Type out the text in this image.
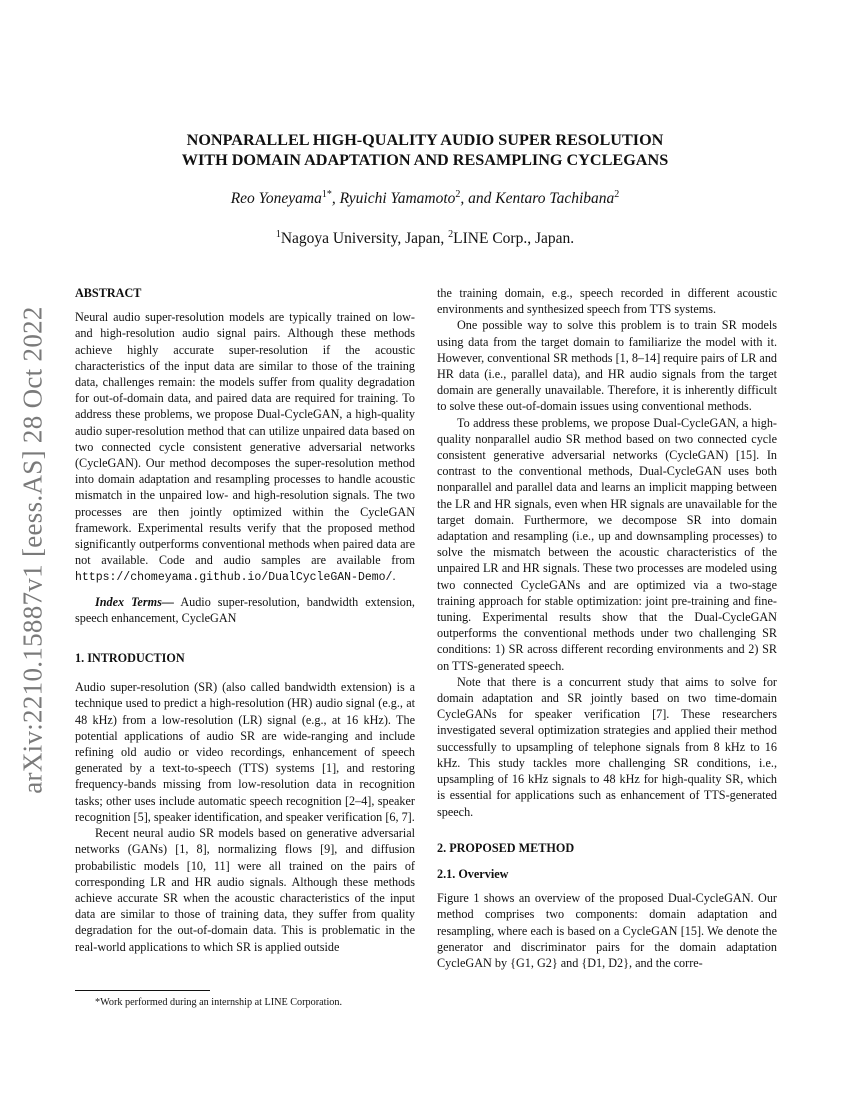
arXiv:2210.15887v1 [eess.AS] 28 Oct 2022
NONPARALLEL HIGH-QUALITY AUDIO SUPER RESOLUTION
WITH DOMAIN ADAPTATION AND RESAMPLING CYCLEGANS
Reo Yoneyama$^{1*}$, Ryuichi Yamamoto$^2$, and Kentaro Tachibana$^2$
$^1$Nagoya University, Japan, $^2$LINE Corp., Japan.

ABSTRACT

Neural audio super-resolution models are typically trained on low- and high-resolution audio signal pairs. Although these methods achieve highly accurate super-resolution if the acoustic characteristics of the input data are similar to those of the training data, challenges remain: the models suffer from quality degradation for out-of-domain data, and paired data are required for training. To address these problems, we propose Dual-CycleGAN, a high-quality audio super-resolution method that can utilize unpaired data based on two connected cycle consistent generative adversarial networks (CycleGAN). Our method decomposes the super-resolution method into domain adaptation and resampling processes to handle acoustic mismatch in the unpaired low- and high-resolution signals. The two processes are then jointly optimized within the CycleGAN framework. Experimental results verify that the proposed method significantly outperforms conventional methods when paired data are not available. Code and audio samples are available from https://chomeyama.github.io/DualCycleGAN-Demo/.

Index Terms— Audio super-resolution, bandwidth extension, speech enhancement, CycleGAN

1. INTRODUCTION

Audio super-resolution (SR) (also called bandwidth extension) is a technique used to predict a high-resolution (HR) audio signal (e.g., at 48 kHz) from a low-resolution (LR) signal (e.g., at 16 kHz). The potential applications of audio SR are wide-ranging and include refining old audio or video recordings, enhancement of speech generated by a text-to-speech (TTS) systems [1], and restoring frequency-bands missing from low-resolution data in recognition tasks; other uses include automatic speech recognition [2–4], speaker recognition [5], speaker identification, and speaker verification [6, 7].

Recent neural audio SR models based on generative adversarial networks (GANs) [1, 8], normalizing flows [9], and diffusion probabilistic models [10, 11] were all trained on the pairs of corresponding LR and HR audio signals. Although these methods achieve accurate SR when the acoustic characteristics of the input data are similar to those of training data, they suffer from quality degradation for the out-of-domain data. This is problematic in the real-world applications to which SR is applied outside

the training domain, e.g., speech recorded in different acoustic environments and synthesized speech from TTS systems.

One possible way to solve this problem is to train SR models using data from the target domain to familiarize the model with it. However, conventional SR methods [1, 8–14] require pairs of LR and HR data (i.e., parallel data), and HR audio signals from the target domain are generally unavailable. Therefore, it is inherently difficult to solve these out-of-domain issues using conventional methods.

To address these problems, we propose Dual-CycleGAN, a high-quality nonparallel audio SR method based on two connected cycle consistent generative adversarial networks (CycleGAN) [15]. In contrast to the conventional methods, Dual-CycleGAN uses both nonparallel and parallel data and learns an implicit mapping between the LR and HR signals, even when HR signals are unavailable for the target domain. Furthermore, we decompose SR into domain adaptation and resampling (i.e., up and downsampling processes) to solve the mismatch between the acoustic characteristics of the unpaired LR and HR signals. These two processes are modeled using two connected CycleGANs and are optimized via a two-stage training approach for stable optimization: joint pre-training and fine-tuning. Experimental results show that the Dual-CycleGAN outperforms the conventional methods under two challenging SR conditions: 1) SR across different recording environments and 2) SR on TTS-generated speech.

Note that there is a concurrent study that aims to solve for domain adaptation and SR jointly based on two time-domain CycleGANs for speaker verification [7]. These researchers investigated several optimization strategies and applied their method successfully to upsampling of telephone signals from 8 kHz to 16 kHz. This study tackles more challenging SR conditions, i.e., upsampling of 16 kHz signals to 48 kHz for high-quality SR, which is essential for applications such as enhancement of TTS-generated speech.

2. PROPOSED METHOD

2.1. Overview

Figure 1 shows an overview of the proposed Dual-CycleGAN. Our method comprises two components: domain adaptation and resampling, where each is based on a CycleGAN [15]. We denote the generator and discriminator pairs for the domain adaptation CycleGAN by {G1, G2} and {D1, D2}, and the corre-

*Work performed during an internship at LINE Corporation.
